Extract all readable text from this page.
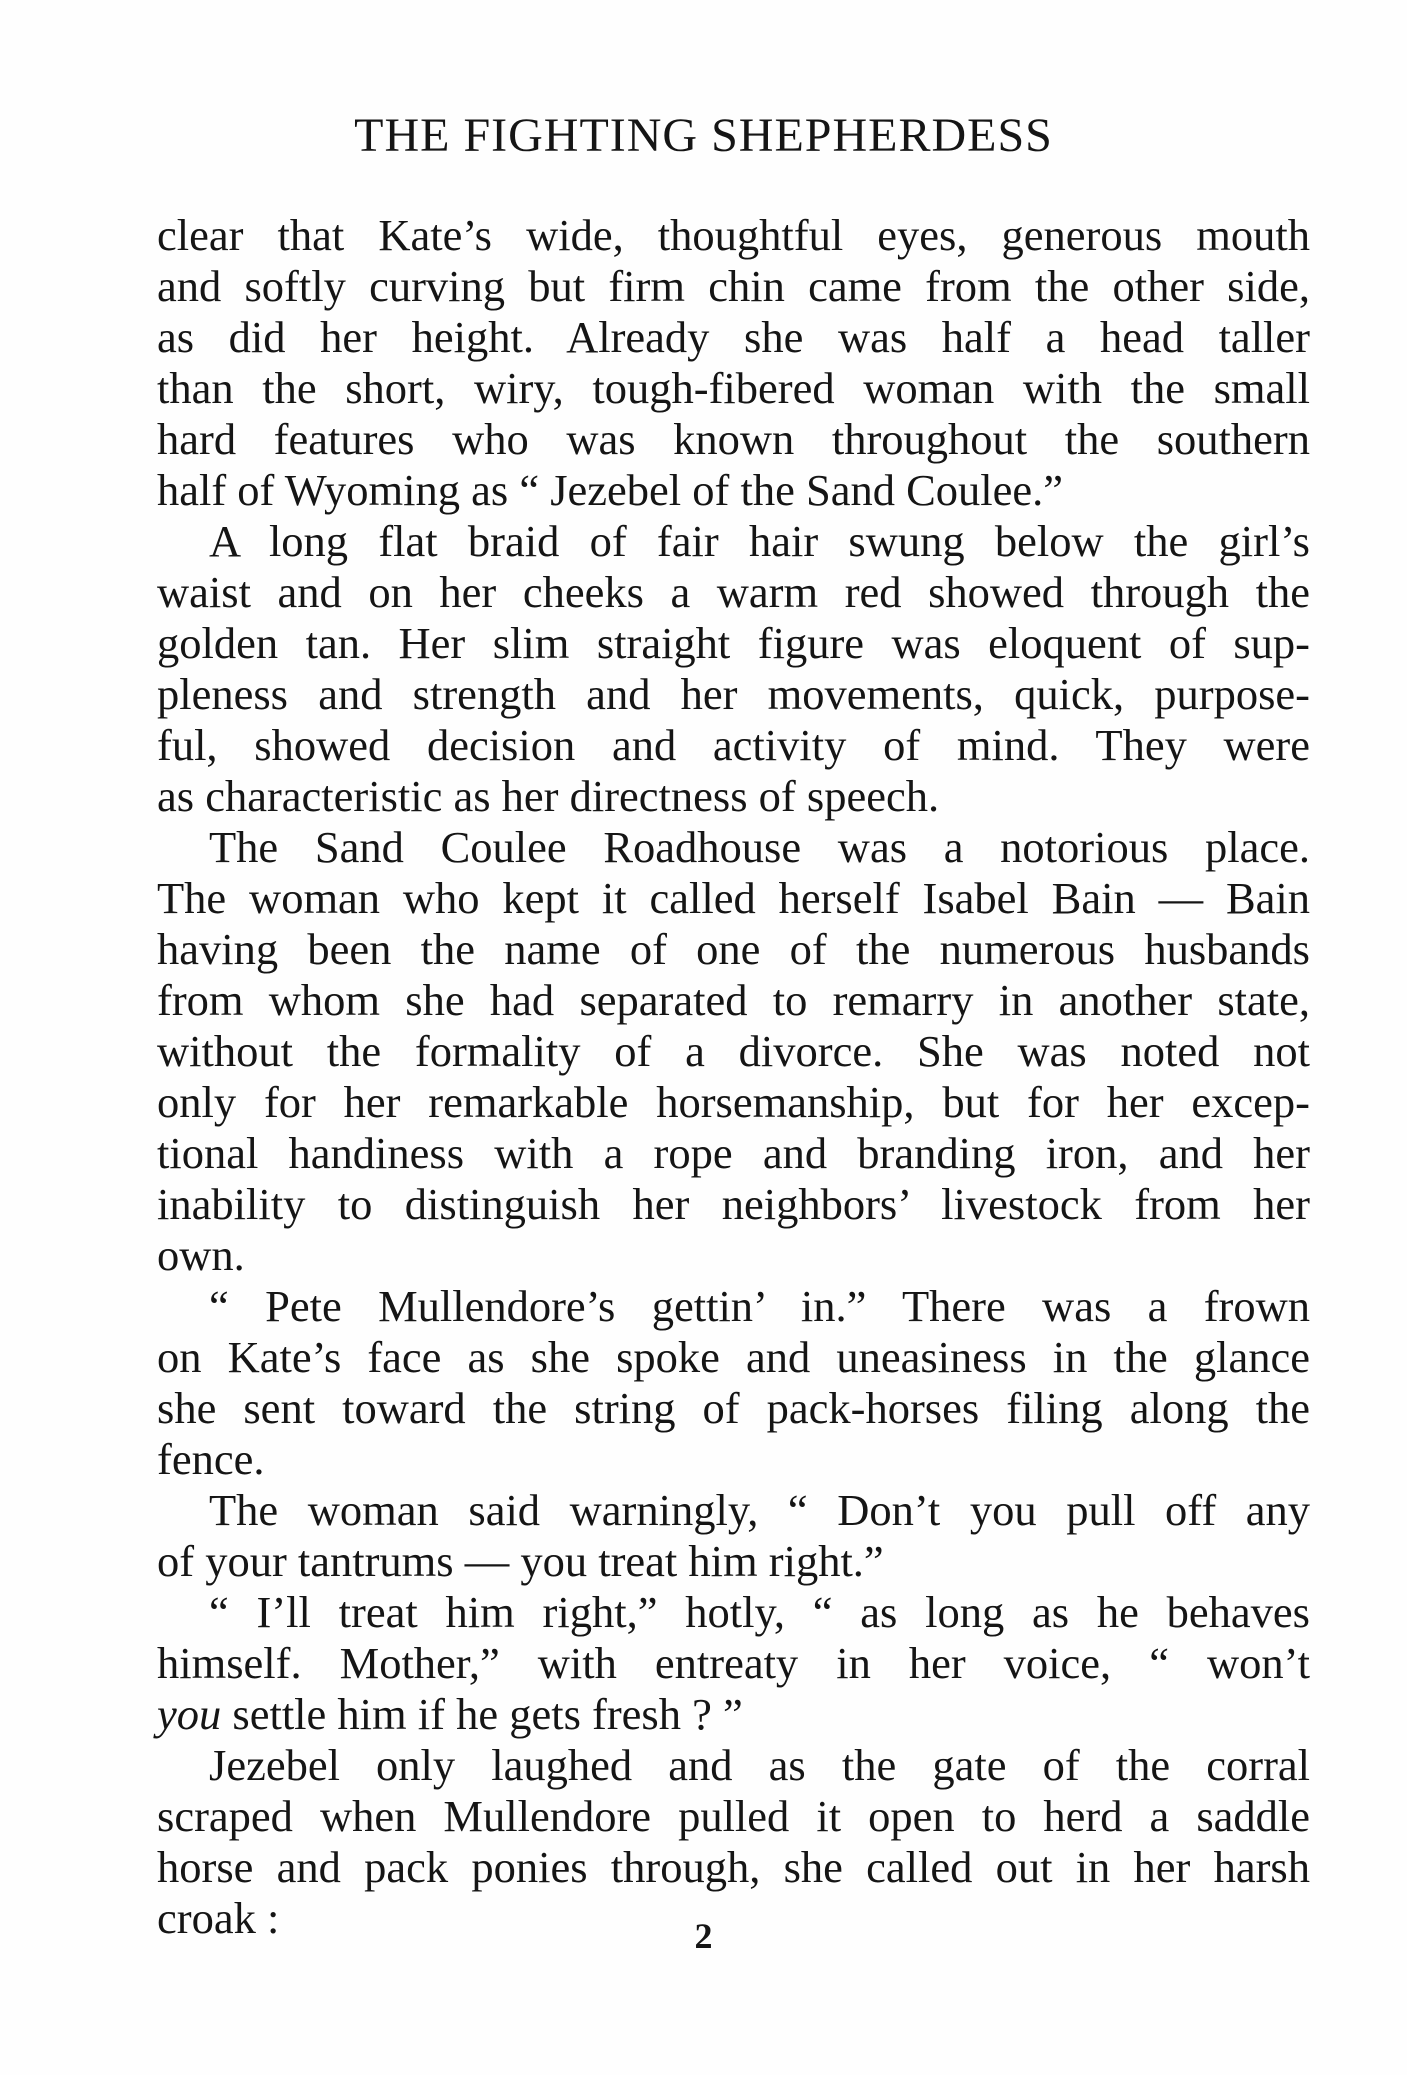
THE FIGHTING SHEPHERDESS
clear that Kate’s wide, thoughtful eyes, generous mouth
and softly curving but firm chin came from the other side,
as did her height. Already she was half a head taller
than the short, wiry, tough-fibered woman with the small
hard features who was known throughout the southern
half of Wyoming as “ Jezebel of the Sand Coulee.”
A long flat braid of fair hair swung below the girl’s
waist and on her cheeks a warm red showed through the
golden tan. Her slim straight figure was eloquent of sup-
pleness and strength and her movements, quick, purpose-
ful, showed decision and activity of mind. They were
as characteristic as her directness of speech.
The Sand Coulee Roadhouse was a notorious place.
The woman who kept it called herself Isabel Bain — Bain
having been the name of one of the numerous husbands
from whom she had separated to remarry in another state,
without the formality of a divorce. She was noted not
only for her remarkable horsemanship, but for her excep-
tional handiness with a rope and branding iron, and her
inability to distinguish her neighbors’ livestock from her
own.
“ Pete Mullendore’s gettin’ in.” There was a frown
on Kate’s face as she spoke and uneasiness in the glance
she sent toward the string of pack-horses filing along the
fence.
The woman said warningly, “ Don’t you pull off any
of your tantrums — you treat him right.”
“ I’ll treat him right,” hotly, “ as long as he behaves
himself. Mother,” with entreaty in her voice, “ won’t
you settle him if he gets fresh ? ”
Jezebel only laughed and as the gate of the corral
scraped when Mullendore pulled it open to herd a saddle
horse and pack ponies through, she called out in her harsh
croak :	2
